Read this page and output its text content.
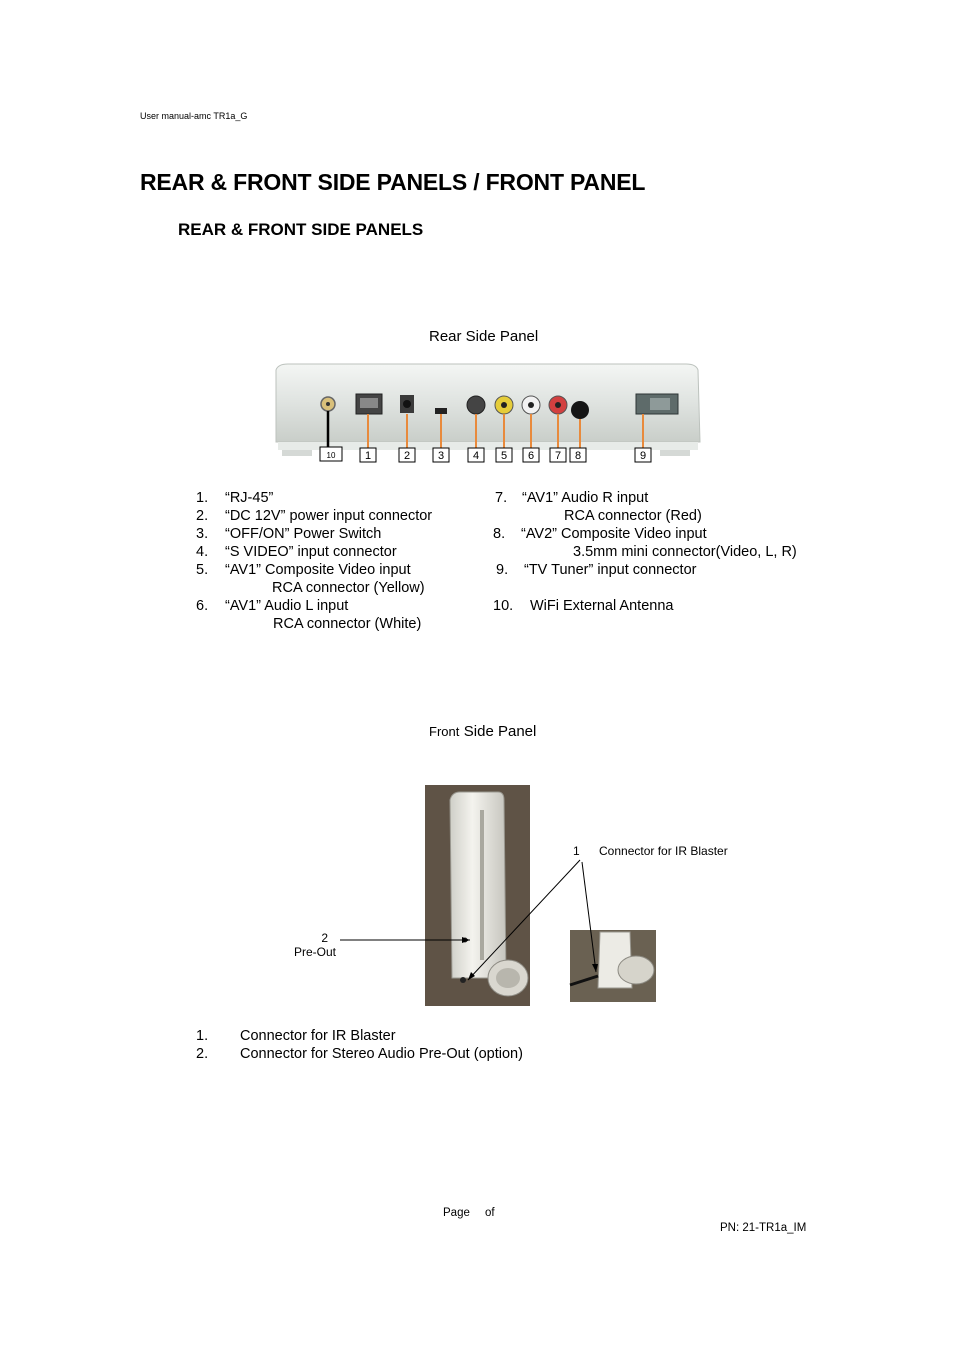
User manual-amc TR1a_G
REAR & FRONT SIDE PANELS / FRONT PANEL
REAR & FRONT SIDE PANELS
Rear Side Panel
1	2	3	4 5 6 7 8	9
10
1. “RJ-45”
2. “DC 12V” power input connector
3. “OFF/ON” Power Switch
4. “S VIDEO” input connector
5. “AV1” Composite Video input
RCA connector (Yellow)
6. “AV1” Audio L input
RCA connector (White)
7. “AV1” Audio R input
RCA connector (Red)
8. “AV2” Composite Video input
3.5mm mini connector(Video, L, R)
9. “TV Tuner” input connector
10. WiFi External Antenna
Front Side Panel
1 Connector for IR Blaster
2
Pre-Out
1. Connector for IR Blaster
2. Connector for Stereo Audio Pre-Out (option)
Page of
PN: 21-TR1a_IM
